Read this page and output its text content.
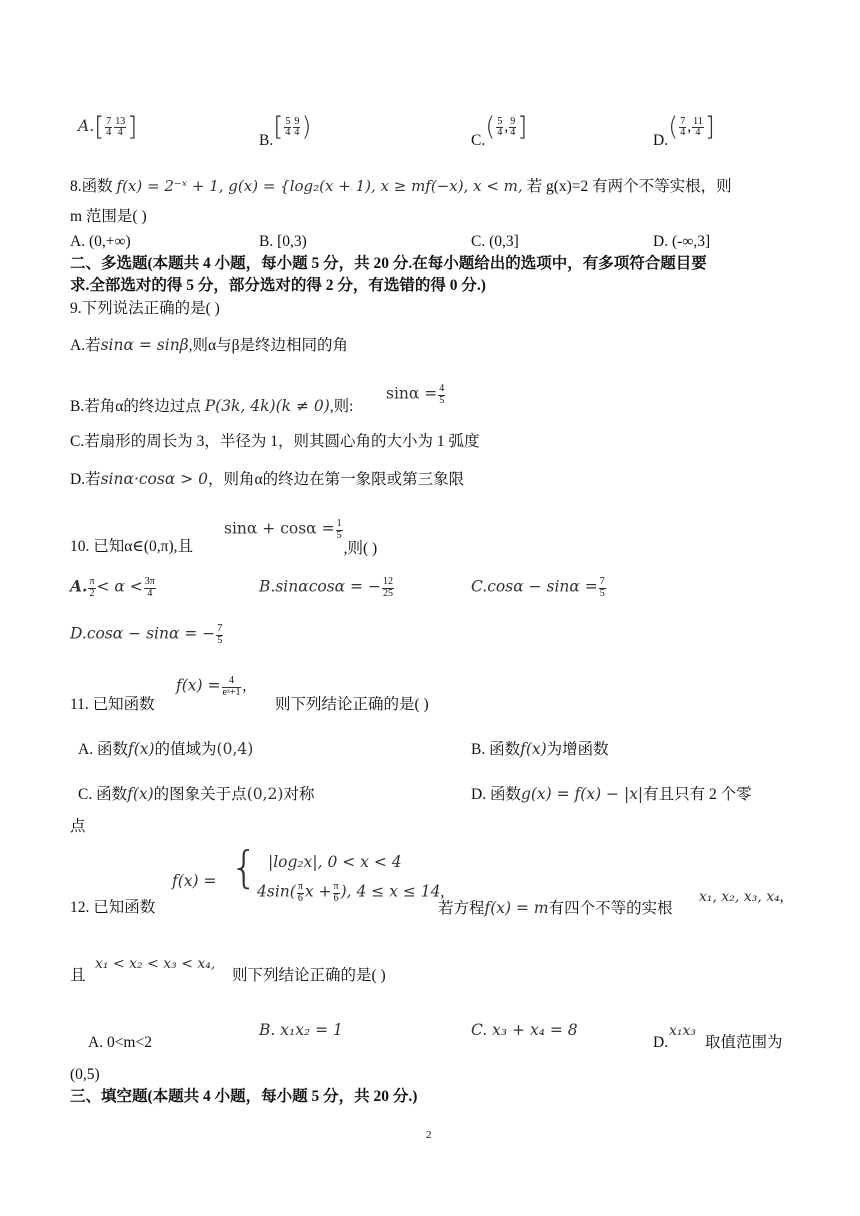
$A.[ \frac{7}{4} \frac{13}{4}$ ]	$B.[ \frac{5}{4} \frac{9}{4}$ )	$C.( \frac{5}{4}$ , $\frac{9}{4}$ ]	$D.( \frac{7}{4}$ , $\frac{11}{4}$ ]
8.函数 f(x) = 2⁻ˣ + 1, g(x) = {log₂(x + 1), x ≥ mf(−x), x < m, 若 g(x)=2 有两个不等实根，则
m 范围是( )
A. (0,+∞)	B. [0,3)	C. (0,3]	D. (-∞,3]
二、多选题(本题共 4 小题，每小题 5 分，共 20 分.在每小题给出的选项中，有多项符合题目要
求.全部选对的得 5 分，部分选对的得 2 分，有选错的得 0 分.)
9.下列说法正确的是( )
A.若sinα = sinβ,则α与β是终边相同的角
B.若角α的终边过点 P(3k, 4k)(k ≠ 0),则:
$\sin\alpha = \frac{4}{5}$
C.若扇形的周长为 3，半径为 1，则其圆心角的大小为 1 弧度
D.若sinα·cosα > 0，则角α的终边在第一象限或第三象限
10. 已知α∈(0,π),且
$\sin\alpha + \cos\alpha = \frac{1}{5}$
,则( )
A. $\frac{\pi}{2} < \alpha < \frac{3\pi}{4}$	B.sinαcosα = − $\frac{12}{25}$	$C.\cos\alpha - \sin\alpha = \frac{7}{5}$
D.cosα − sinα = − $\frac{7}{5}$
11. 已知函数
$f(x) = \frac{4}{\text{eˣ+1}}$ ,
则下列结论正确的是( )
A. 函数f(x)的值域为(0,4)	B. 函数f(x)为增函数
C. 函数f(x)的图象关于点(0,2)对称	D. 函数g(x) = f(x) − |x|有且只有 2 个零
点
12. 已知函数
f(x) = { |log₂x|, 0 < x < 4
$4\sin( \frac{\pi}{6}$ $x + \frac{\pi}{6}$ ), 4 ≤ x ≤ 14,
若方程f(x) = m有四个不等的实根
x₁, x₂, x₃, x₄,
且
x₁ < x₂ < x₃ < x₄,
则下列结论正确的是( )
A. 0<m<2
B. x₁x₂ = 1	C. x₃ + x₄ = 8
D.
x₁x₃
取值范围为
(0,5)
三、填空题(本题共 4 小题，每小题 5 分，共 20 分.)
2
